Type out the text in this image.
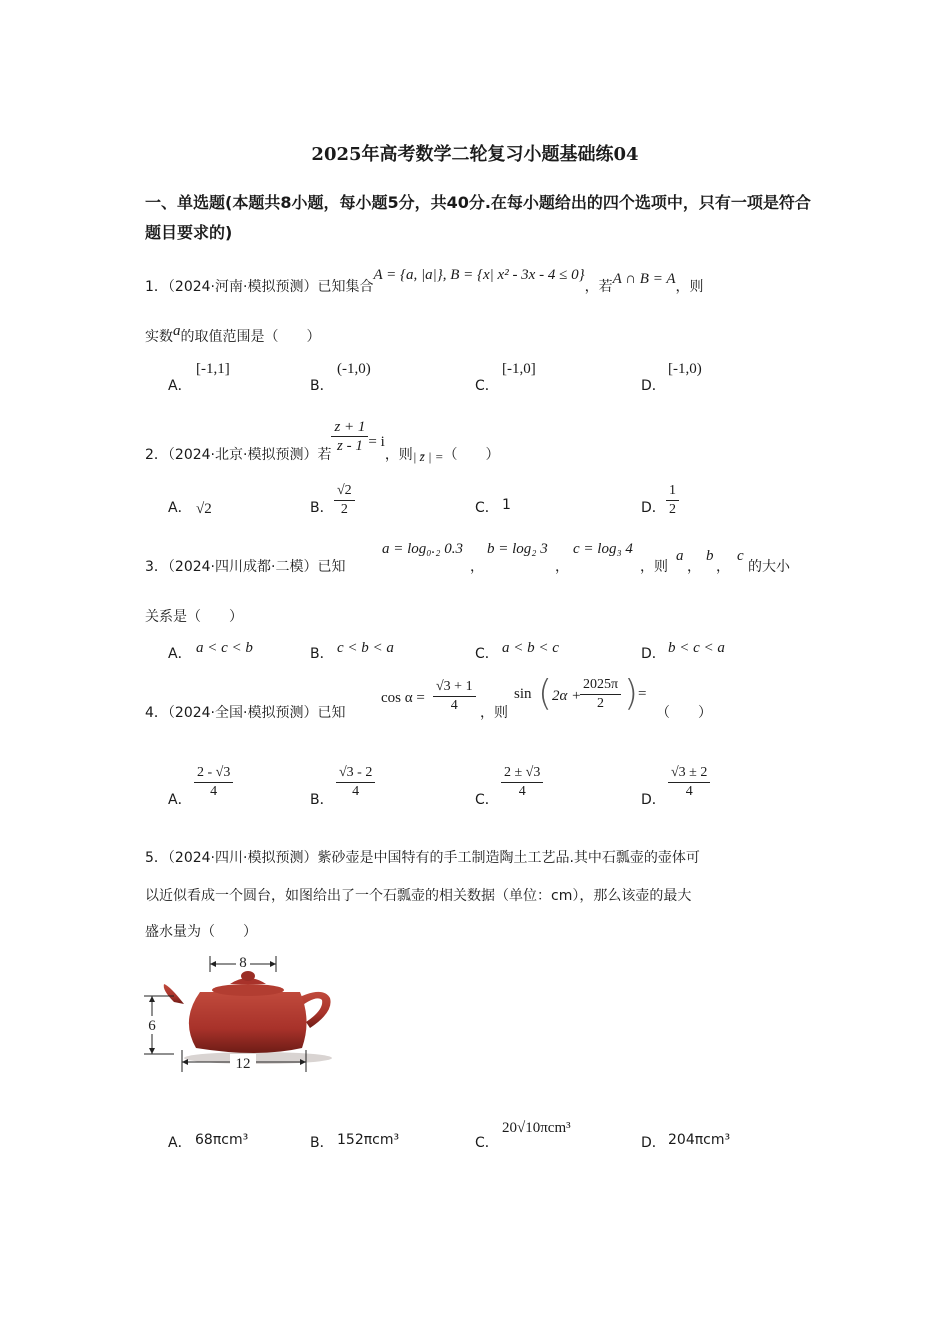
2025年高考数学二轮复习小题基础练04
一、单选题(本题共8小题，每小题5分，共40分.在每小题给出的四个选项中，只有一项是符合题目要求的)
1．（2024·河南·模拟预测）已知集合A = {a, |a|}, B = {x| x² - 3x - 4 ≤ 0}，若A ∩ B = A，则
实数a的取值范围是（　　）
A．
[-1,1]
B．
(-1,0)
C．
[-1,0]
D．
[-1,0)
2．（2024·北京·模拟预测）若 $\frac{z + 1}{z - 1} = i$，则| z̄ | =（　　）
A． √2	B． $\frac{√2}{2}$	C． 1	D． $\frac{1}{2}$
3．（2024·四川成都·二模）已知
a = log₀.₂ 0.3
，
b = log₂ 3
，
c = log₃ 4
，则
a
，
b
，
c
的大小
关系是（　　）
A． a < c < b	B． c < b < a	C． a < b < c	D． b < c < a
4．（2024·全国·模拟预测）已知
$\cos \alpha = \frac{√3 + 1}{4}$ ，则
sin ( 2α +
$\frac{2025\pi}{2}$ ) =
（　　）
A． $\frac{2 - √3}{4}$	B． $\frac{√3 - 2}{4}$	C． $\frac{2 \pm √3}{4}$	D． $\frac{√3 \pm 2}{4}$
5．（2024·四川·模拟预测）紫砂壶是中国特有的手工制造陶土工艺品.其中石瓢壶的壶体可
以近似看成一个圆台，如图给出了一个石瓢壶的相关数据（单位：cm），那么该壶的最大
盛水量为（　　）
8
6
12
A． 68πcm³	B． 152πcm³	C．
20√10πcm³
D． 204πcm³
